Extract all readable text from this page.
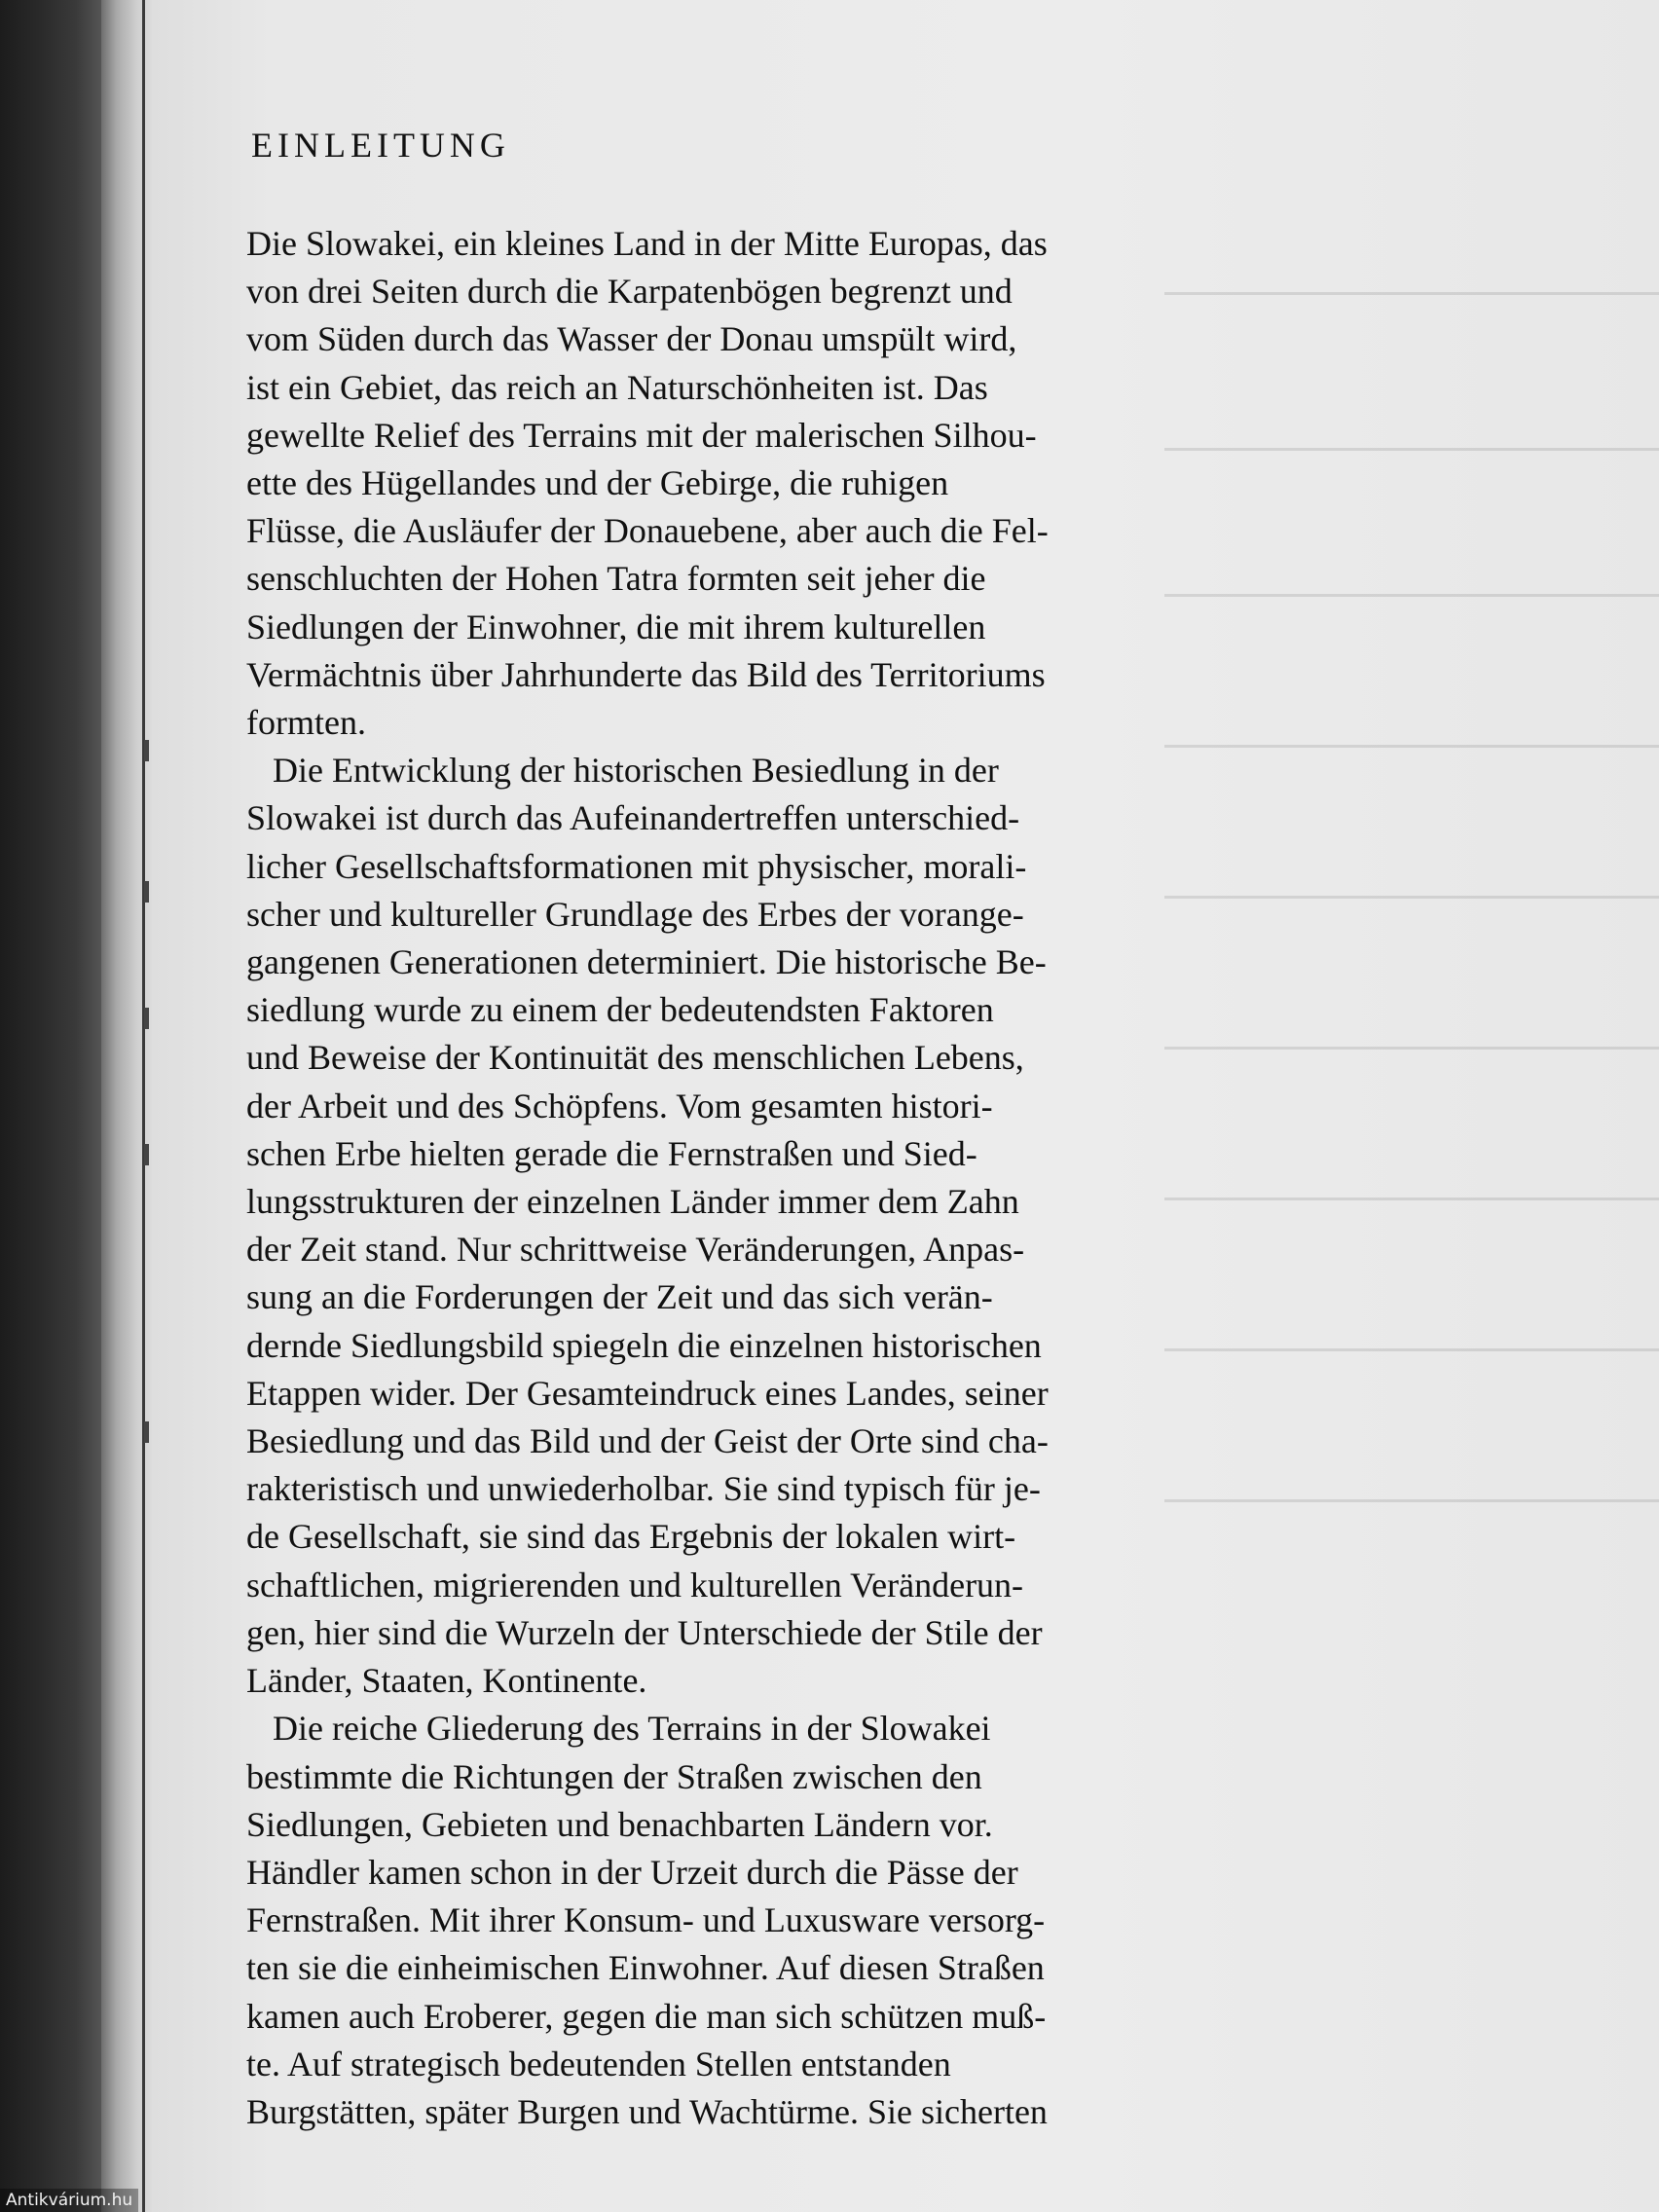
EINLEITUNG
Die Slowakei, ein kleines Land in der Mitte Europas, das
von drei Seiten durch die Karpatenbögen begrenzt und
vom Süden durch das Wasser der Donau umspült wird,
ist ein Gebiet, das reich an Naturschönheiten ist. Das
gewellte Relief des Terrains mit der malerischen Silhou-
ette des Hügellandes und der Gebirge, die ruhigen
Flüsse, die Ausläufer der Donauebene, aber auch die Fel-
senschluchten der Hohen Tatra formten seit jeher die
Siedlungen der Einwohner, die mit ihrem kulturellen
Vermächtnis über Jahrhunderte das Bild des Territoriums
formten.
Die Entwicklung der historischen Besiedlung in der
Slowakei ist durch das Aufeinandertreffen unterschied-
licher Gesellschaftsformationen mit physischer, morali-
scher und kultureller Grundlage des Erbes der vorange-
gangenen Generationen determiniert. Die historische Be-
siedlung wurde zu einem der bedeutendsten Faktoren
und Beweise der Kontinuität des menschlichen Lebens,
der Arbeit und des Schöpfens. Vom gesamten histori-
schen Erbe hielten gerade die Fernstraßen und Sied-
lungsstrukturen der einzelnen Länder immer dem Zahn
der Zeit stand. Nur schrittweise Veränderungen, Anpas-
sung an die Forderungen der Zeit und das sich verän-
dernde Siedlungsbild spiegeln die einzelnen historischen
Etappen wider. Der Gesamteindruck eines Landes, seiner
Besiedlung und das Bild und der Geist der Orte sind cha-
rakteristisch und unwiederholbar. Sie sind typisch für je-
de Gesellschaft, sie sind das Ergebnis der lokalen wirt-
schaftlichen, migrierenden und kulturellen Veränderun-
gen, hier sind die Wurzeln der Unterschiede der Stile der
Länder, Staaten, Kontinente.
Die reiche Gliederung des Terrains in der Slowakei
bestimmte die Richtungen der Straßen zwischen den
Siedlungen, Gebieten und benachbarten Ländern vor.
Händler kamen schon in der Urzeit durch die Pässe der
Fernstraßen. Mit ihrer Konsum- und Luxusware versorg-
ten sie die einheimischen Einwohner. Auf diesen Straßen
kamen auch Eroberer, gegen die man sich schützen muß-
te. Auf strategisch bedeutenden Stellen entstanden
Burgstätten, später Burgen und Wachtürme. Sie sicherten
Antikvárium.hu
